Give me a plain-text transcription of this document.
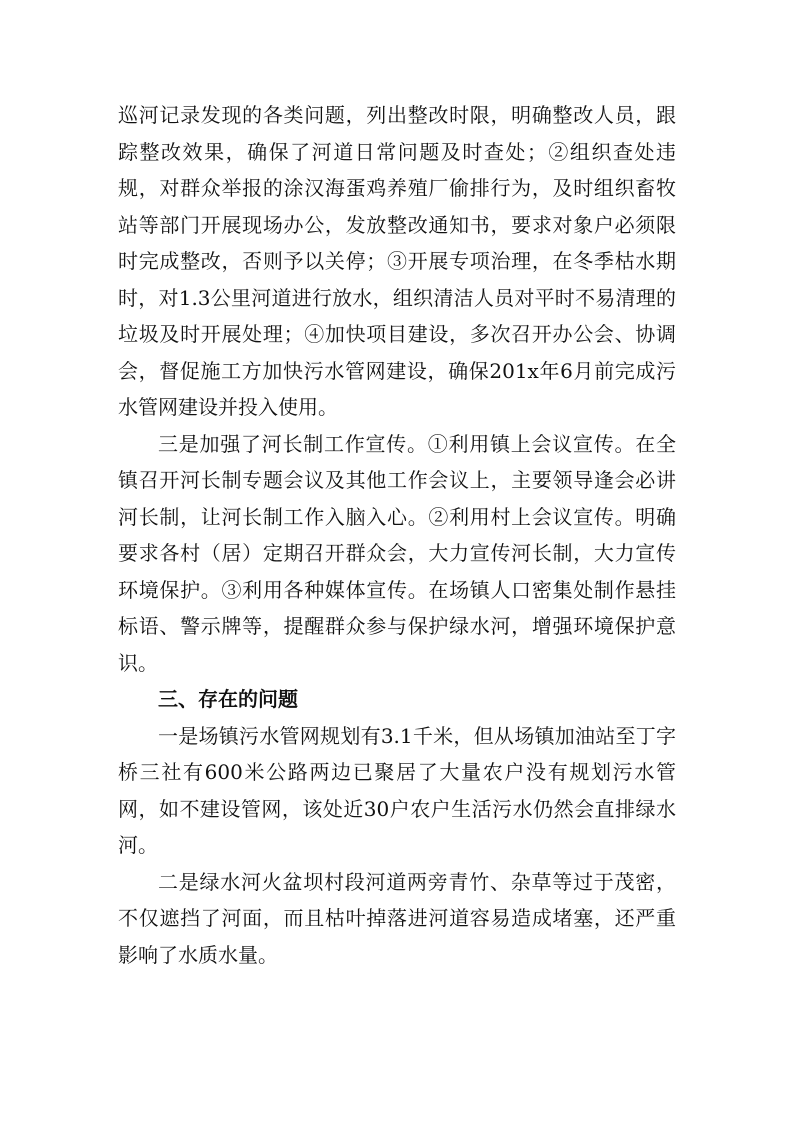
巡河记录发现的各类问题，列出整改时限，明确整改人员，跟踪整改效果，确保了河道日常问题及时查处；②组织查处违规，对群众举报的涂汉海蛋鸡养殖厂偷排行为，及时组织畜牧站等部门开展现场办公，发放整改通知书，要求对象户必须限时完成整改，否则予以关停；③开展专项治理，在冬季枯水期时，对1.3公里河道进行放水，组织清洁人员对平时不易清理的垃圾及时开展处理；④加快项目建设，多次召开办公会、协调会，督促施工方加快污水管网建设，确保201x年6月前完成污水管网建设并投入使用。

三是加强了河长制工作宣传。①利用镇上会议宣传。在全镇召开河长制专题会议及其他工作会议上，主要领导逢会必讲河长制，让河长制工作入脑入心。②利用村上会议宣传。明确要求各村（居）定期召开群众会，大力宣传河长制，大力宣传环境保护。③利用各种媒体宣传。在场镇人口密集处制作悬挂标语、警示牌等，提醒群众参与保护绿水河，增强环境保护意识。

三、存在的问题

一是场镇污水管网规划有3.1千米，但从场镇加油站至丁字桥三社有600米公路两边已聚居了大量农户没有规划污水管网，如不建设管网，该处近30户农户生活污水仍然会直排绿水河。

二是绿水河火盆坝村段河道两旁青竹、杂草等过于茂密，不仅遮挡了河面，而且枯叶掉落进河道容易造成堵塞，还严重影响了水质水量。
